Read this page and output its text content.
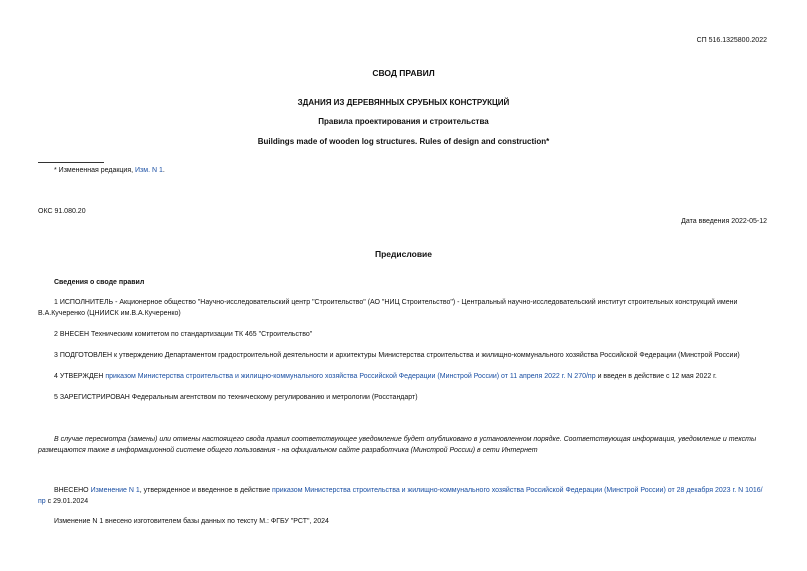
СП 516.1325800.2022
СВОД ПРАВИЛ
ЗДАНИЯ ИЗ ДЕРЕВЯННЫХ СРУБНЫХ КОНСТРУКЦИЙ
Правила проектирования и строительства
Buildings made of wooden log structures. Rules of design and construction*
* Измененная редакция, Изм. N 1.
ОКС 91.080.20
Дата введения 2022-05-12
Предисловие
Сведения о своде правил
1 ИСПОЛНИТЕЛЬ - Акционерное общество "Научно-исследовательский центр "Строительство" (АО "НИЦ Строительство") - Центральный научно-исследовательский институт строительных конструкций имени В.А.Кучеренко (ЦНИИСК им.В.А.Кучеренко)
2 ВНЕСЕН Техническим комитетом по стандартизации ТК 465 "Строительство"
3 ПОДГОТОВЛЕН к утверждению Департаментом градостроительной деятельности и архитектуры Министерства строительства и жилищно-коммунального хозяйства Российской Федерации (Минстрой России)
4 УТВЕРЖДЕН приказом Министерства строительства и жилищно-коммунального хозяйства Российской Федерации (Минстрой России) от 11 апреля 2022 г. N 270/пр и введен в действие с 12 мая 2022 г.
5 ЗАРЕГИСТРИРОВАН Федеральным агентством по техническому регулированию и метрологии (Росстандарт)
В случае пересмотра (замены) или отмены настоящего свода правил соответствующее уведомление будет опубликовано в установленном порядке. Соответствующая информация, уведомление и тексты размещаются также в информационной системе общего пользования - на официальном сайте разработчика (Минстрой России) в сети Интернет
ВНЕСЕНО Изменение N 1, утвержденное и введенное в действие приказом Министерства строительства и жилищно-коммунального хозяйства Российской Федерации (Минстрой России) от 28 декабря 2023 г. N 1016/пр с 29.01.2024
Изменение N 1 внесено изготовителем базы данных по тексту М.: ФГБУ "РСТ", 2024
